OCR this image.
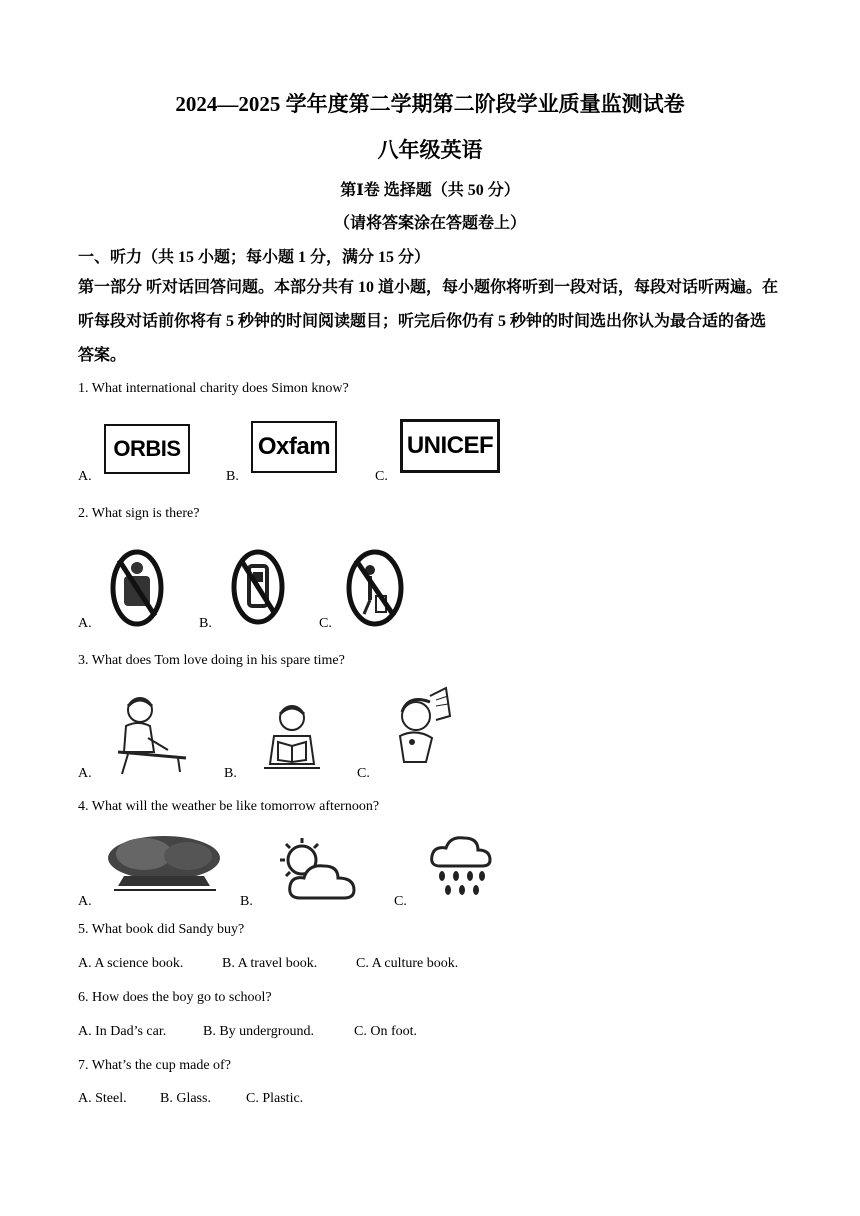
2024—2025 学年度第二学期第二阶段学业质量监测试卷
八年级英语
第Ⅰ卷 选择题（共 50 分）
（请将答案涂在答题卷上）
一、听力（共 15 小题；每小题 1 分，满分 15 分）
第一部分 听对话回答问题。本部分共有 10 道小题，每小题你将听到一段对话，每段对话听两遍。在听每段对话前你将有 5 秒钟的时间阅读题目；听完后你仍有 5 秒钟的时间选出你认为最合适的备选答案。
1. What international charity does Simon know?
A.
ORBIS
B.
Oxfam
C.
UNICEF
2. What sign is there?
A.	B.	C.
3. What does Tom love doing in his spare time?
A.	B.	C.
4. What will the weather be like tomorrow afternoon?
A.	B.	C.
5. What book did Sandy buy?
A. A science book.	B. A travel book.	C. A culture book.
6. How does the boy go to school?
A. In Dad’s car.	B. By underground.	C. On foot.
7. What’s the cup made of?
A. Steel. B. Glass.	C. Plastic.
